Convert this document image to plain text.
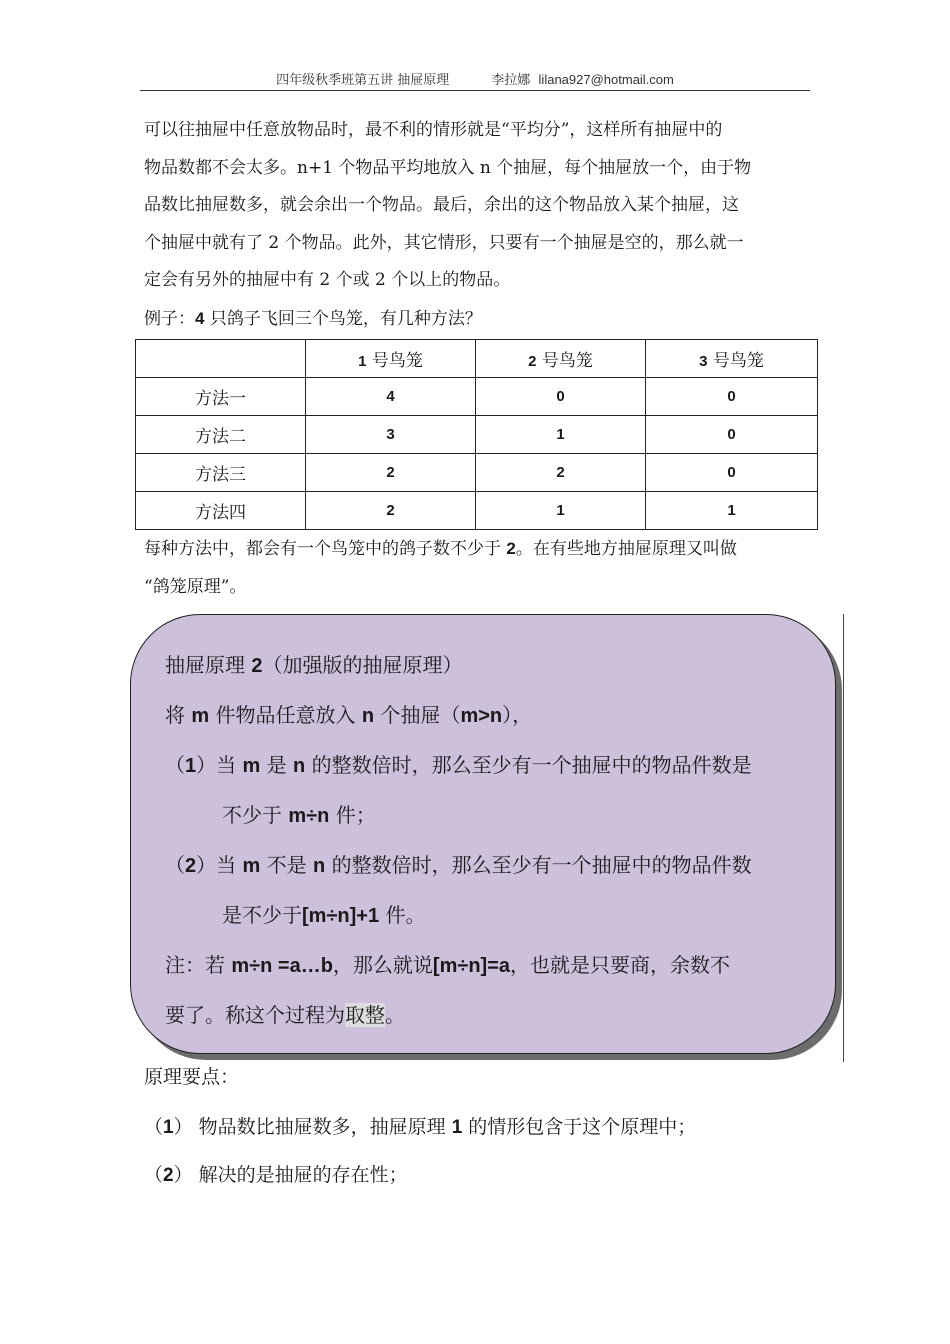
四年级秋季班第五讲 抽屉原理	李拉娜 lilana927@hotmail.com
可以往抽屉中任意放物品时，最不利的情形就是“平均分”，这样所有抽屉中的
物品数都不会太多。n+1 个物品平均地放入 n 个抽屉，每个抽屉放一个，由于物
品数比抽屉数多，就会余出一个物品。最后，余出的这个物品放入某个抽屉，这
个抽屉中就有了 2 个物品。此外，其它情形，只要有一个抽屉是空的，那么就一
定会有另外的抽屉中有 2 个或 2 个以上的物品。
例子：4 只鸽子飞回三个鸟笼，有几种方法？
	1 号鸟笼	2 号鸟笼	3 号鸟笼
方法一	4	0	0
方法二	3	1	0
方法三	2	2	0
方法四	2	1	1
每种方法中，都会有一个鸟笼中的鸽子数不少于 2。在有些地方抽屉原理又叫做
“鸽笼原理”。
抽屉原理 2（加强版的抽屉原理）
将 m 件物品任意放入 n 个抽屉（m>n），
（1）当 m 是 n 的整数倍时，那么至少有一个抽屉中的物品件数是
不少于 m÷n 件；
（2）当 m 不是 n 的整数倍时，那么至少有一个抽屉中的物品件数
是不少于[m÷n]+1 件。
注：若 m÷n =a…b，那么就说[m÷n]=a，也就是只要商，余数不
要了。称这个过程为取整。
原理要点：
（1） 物品数比抽屉数多，抽屉原理 1 的情形包含于这个原理中；
（2） 解决的是抽屉的存在性；
